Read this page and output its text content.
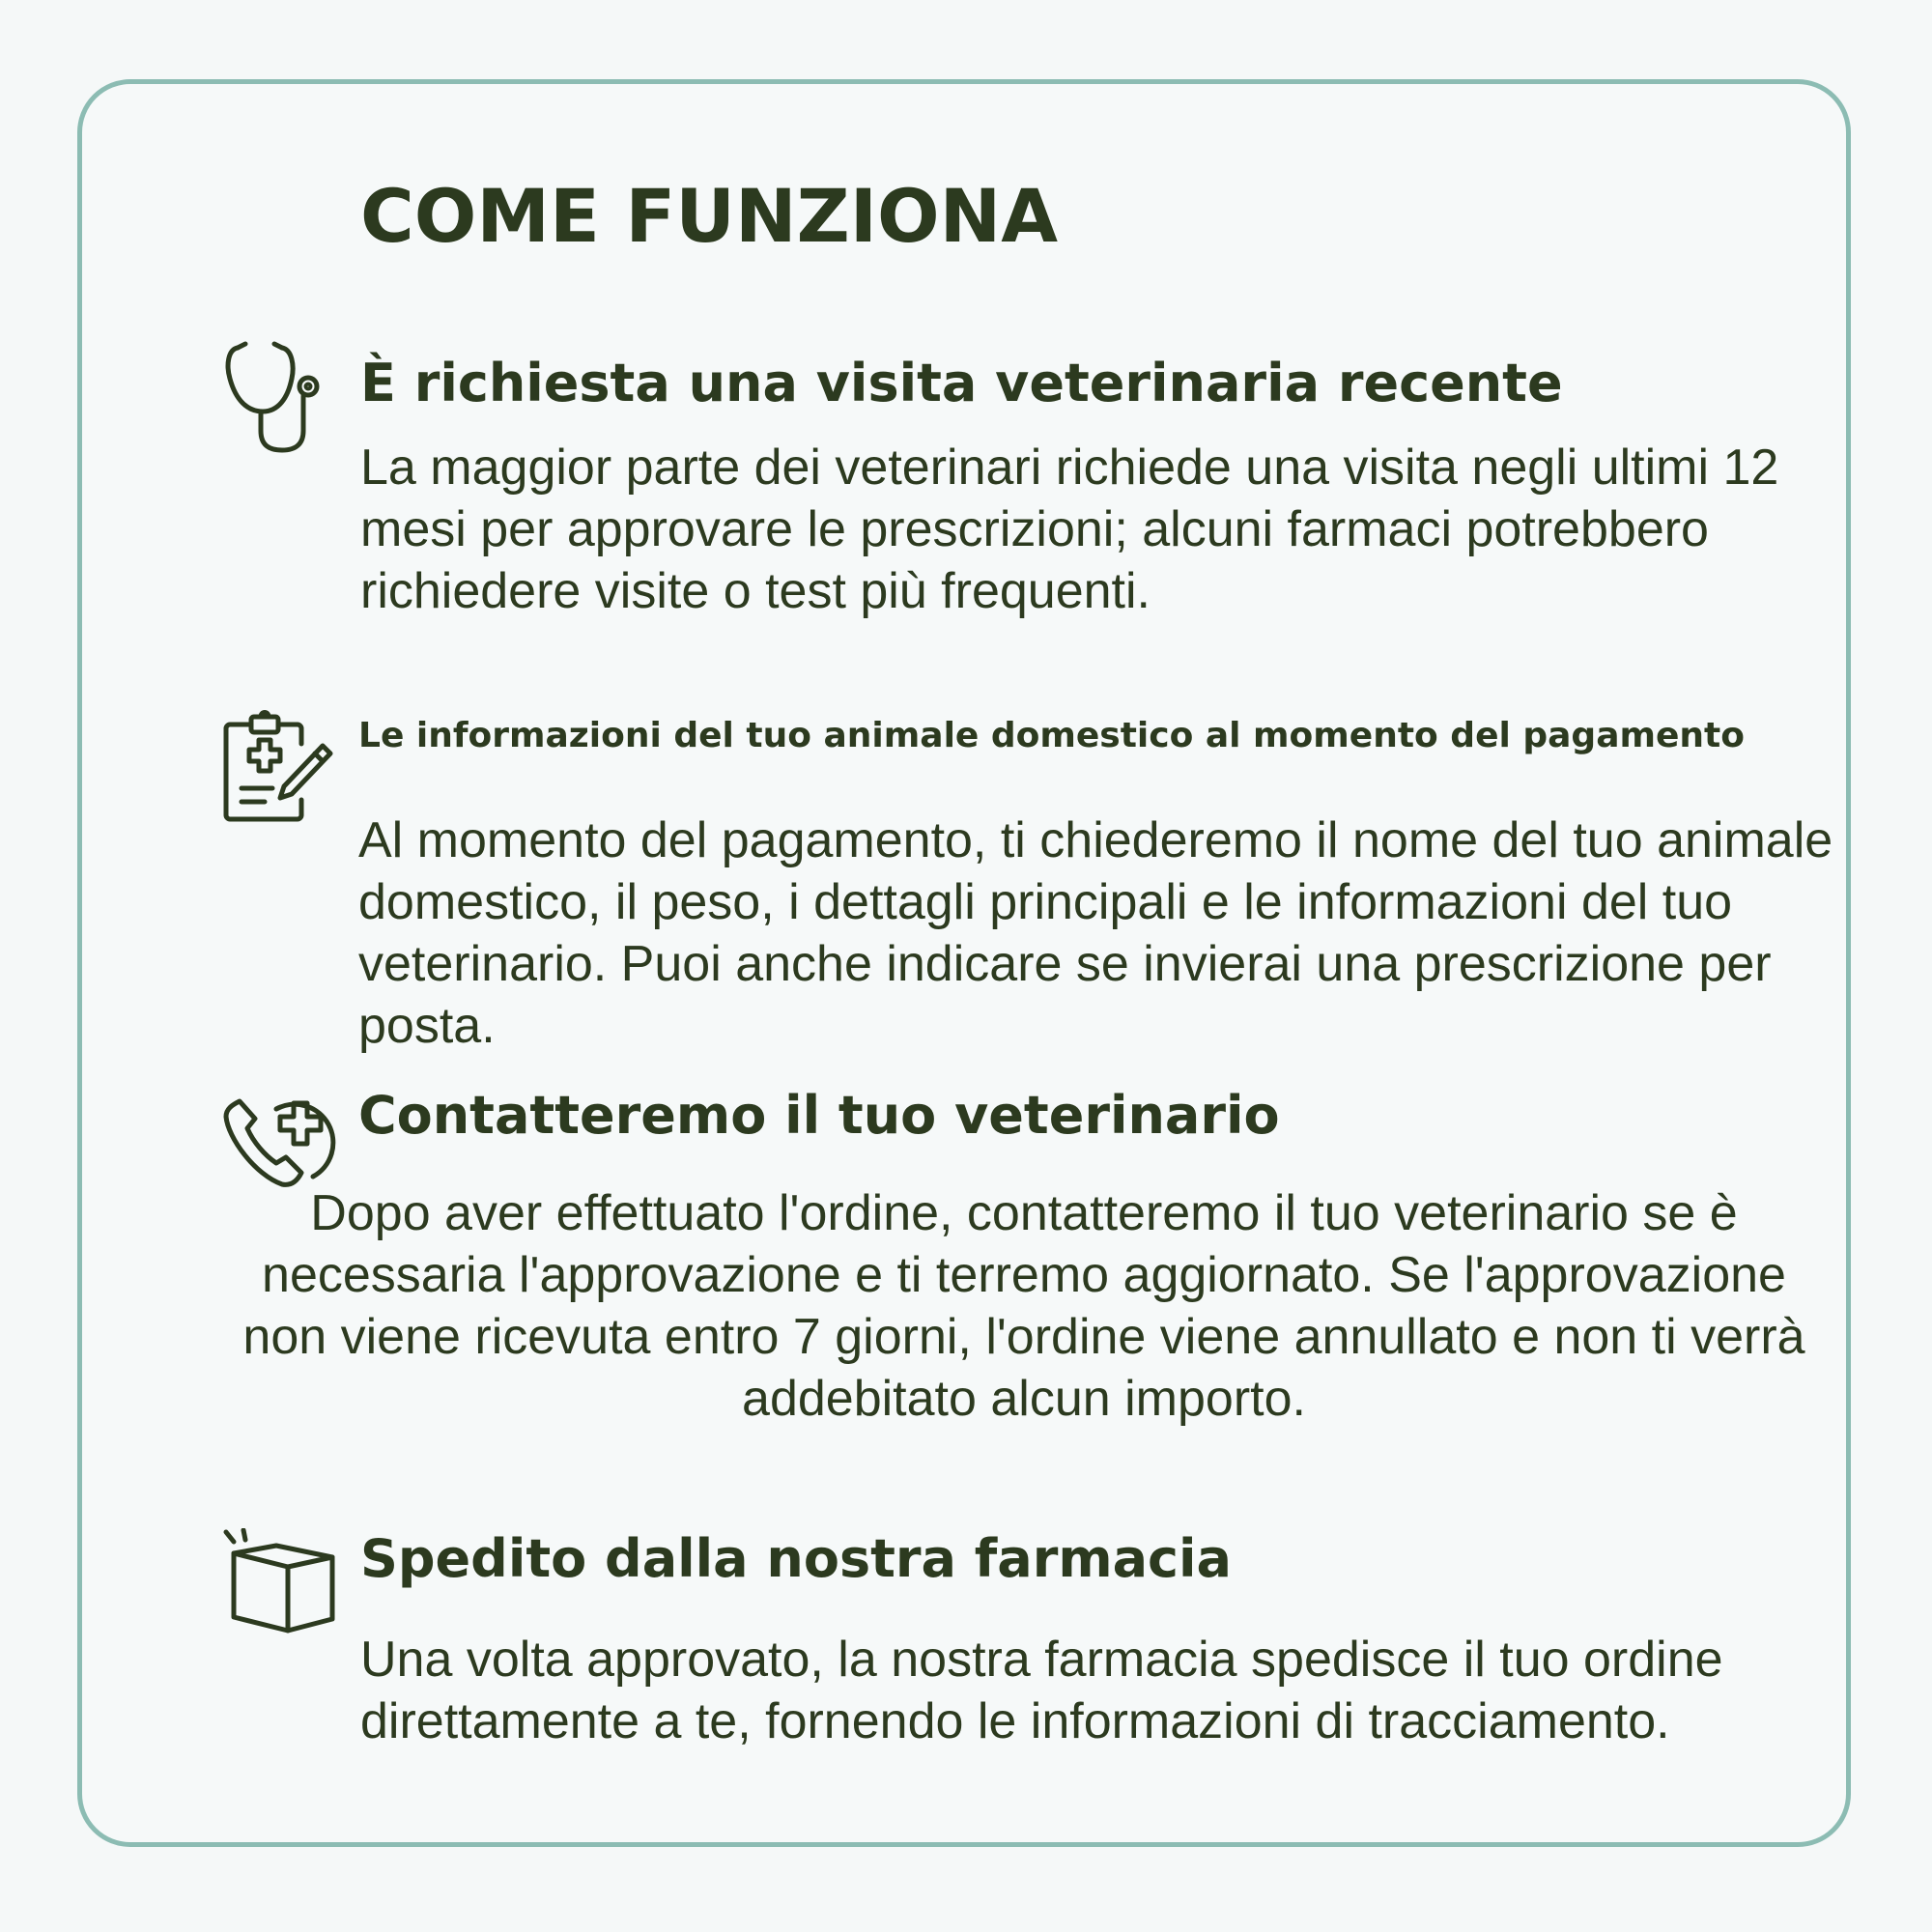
COME FUNZIONA
È richiesta una visita veterinaria recente

La maggior parte dei veterinari richiede una visita negli ultimi 12 mesi per approvare le prescrizioni; alcuni farmaci potrebbero richiedere visite o test più frequenti.

Le informazioni del tuo animale domestico al momento del pagamento

Al momento del pagamento, ti chiederemo il nome del tuo animale domestico, il peso, i dettagli principali e le informazioni del tuo veterinario. Puoi anche indicare se invierai una prescrizione per posta.

Contatteremo il tuo veterinario

Dopo aver effettuato l'ordine, contatteremo il tuo veterinario se è necessaria l'approvazione e ti terremo aggiornato. Se l'approvazione non viene ricevuta entro 7 giorni, l'ordine viene annullato e non ti verrà addebitato alcun importo.

Spedito dalla nostra farmacia

Una volta approvato, la nostra farmacia spedisce il tuo ordine direttamente a te, fornendo le informazioni di tracciamento.
